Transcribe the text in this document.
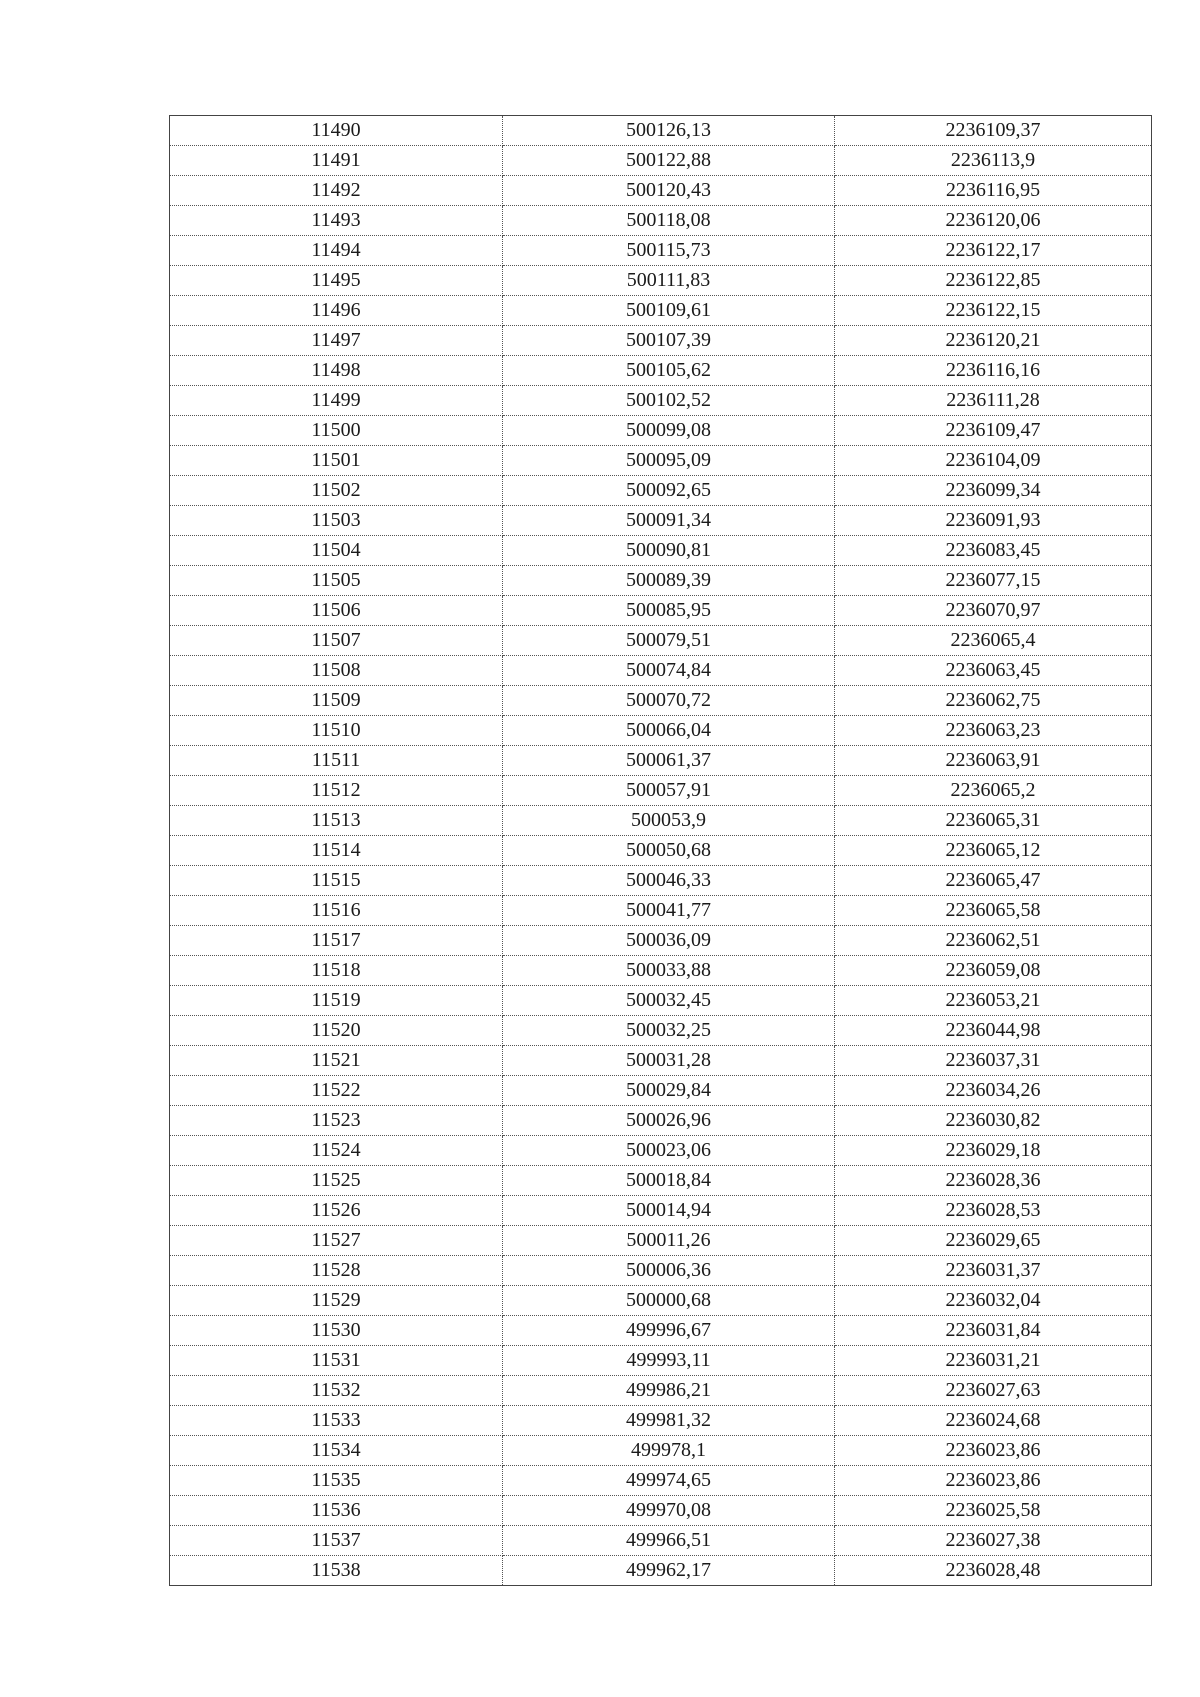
11490	500126,13	2236109,37
11491	500122,88	2236113,9
11492	500120,43	2236116,95
11493	500118,08	2236120,06
11494	500115,73	2236122,17
11495	500111,83	2236122,85
11496	500109,61	2236122,15
11497	500107,39	2236120,21
11498	500105,62	2236116,16
11499	500102,52	2236111,28
11500	500099,08	2236109,47
11501	500095,09	2236104,09
11502	500092,65	2236099,34
11503	500091,34	2236091,93
11504	500090,81	2236083,45
11505	500089,39	2236077,15
11506	500085,95	2236070,97
11507	500079,51	2236065,4
11508	500074,84	2236063,45
11509	500070,72	2236062,75
11510	500066,04	2236063,23
11511	500061,37	2236063,91
11512	500057,91	2236065,2
11513	500053,9	2236065,31
11514	500050,68	2236065,12
11515	500046,33	2236065,47
11516	500041,77	2236065,58
11517	500036,09	2236062,51
11518	500033,88	2236059,08
11519	500032,45	2236053,21
11520	500032,25	2236044,98
11521	500031,28	2236037,31
11522	500029,84	2236034,26
11523	500026,96	2236030,82
11524	500023,06	2236029,18
11525	500018,84	2236028,36
11526	500014,94	2236028,53
11527	500011,26	2236029,65
11528	500006,36	2236031,37
11529	500000,68	2236032,04
11530	499996,67	2236031,84
11531	499993,11	2236031,21
11532	499986,21	2236027,63
11533	499981,32	2236024,68
11534	499978,1	2236023,86
11535	499974,65	2236023,86
11536	499970,08	2236025,58
11537	499966,51	2236027,38
11538	499962,17	2236028,48
